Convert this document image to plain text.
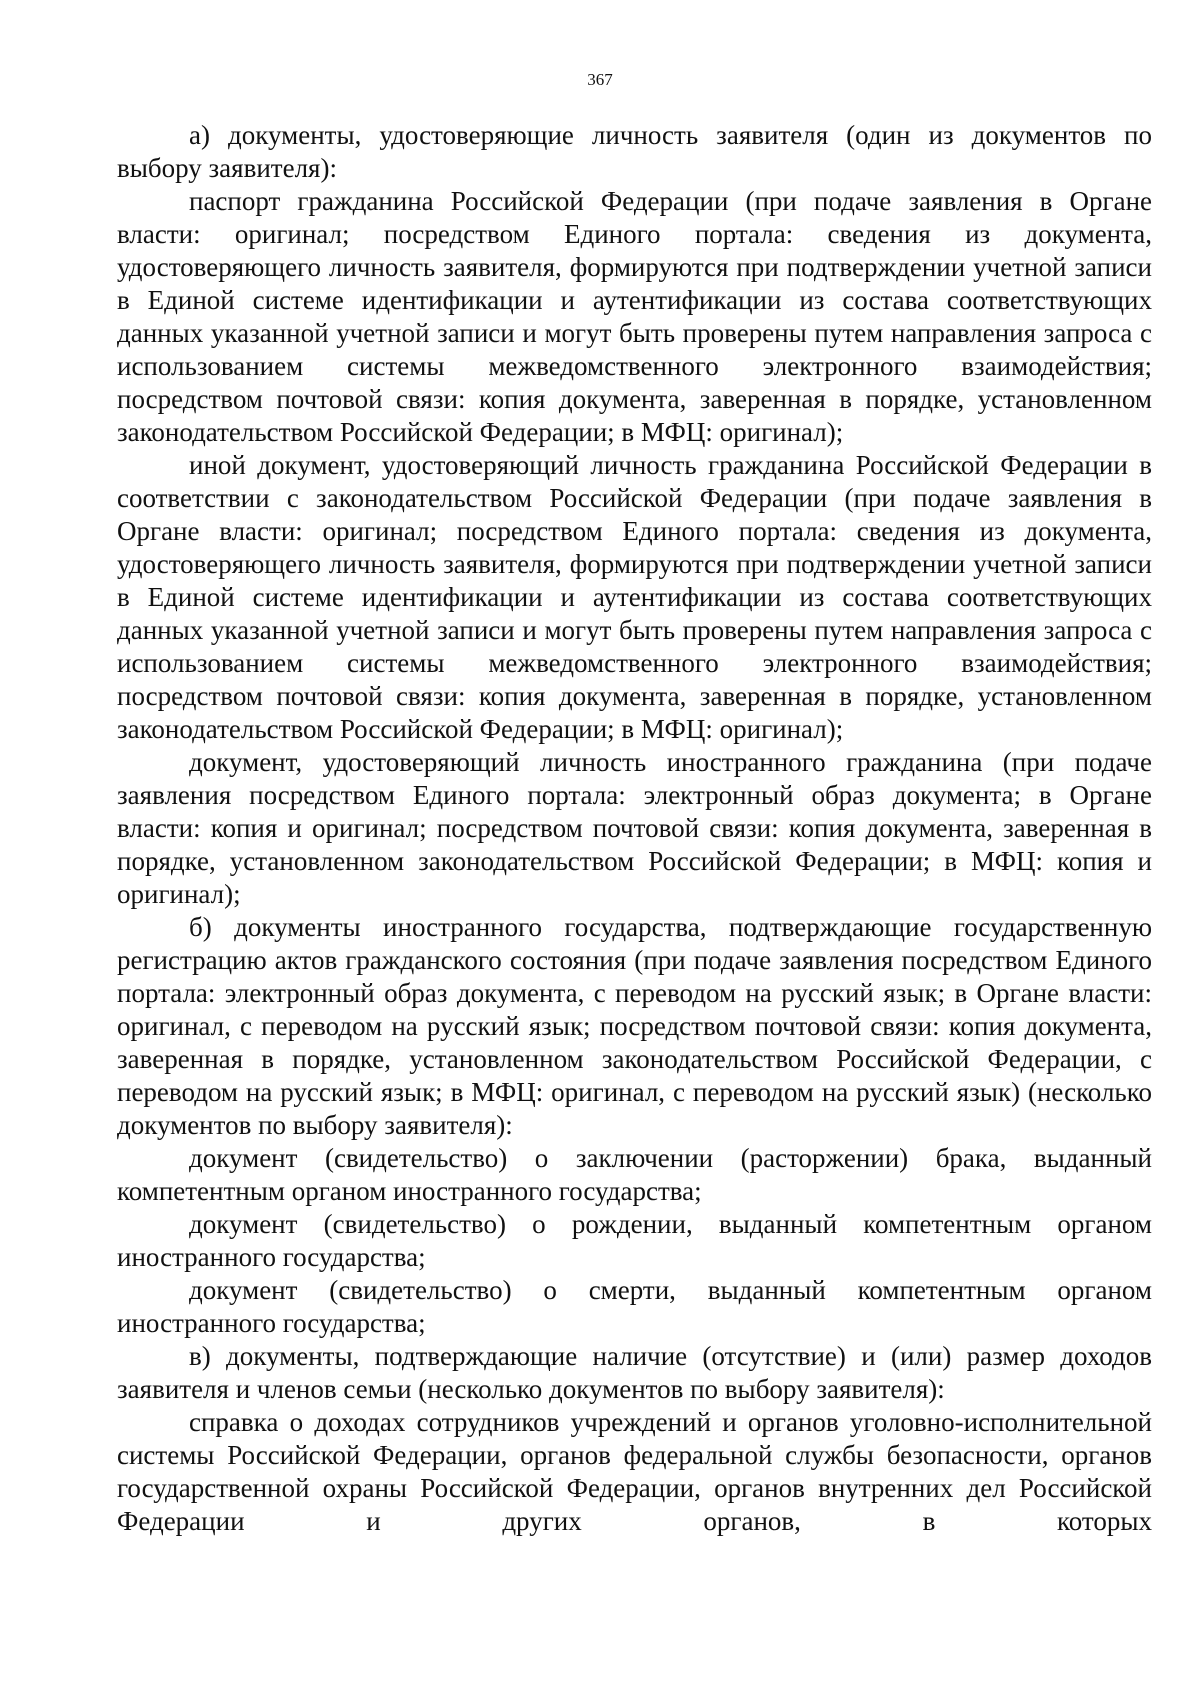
367

а) документы, удостоверяющие личность заявителя (один из документов по выбору заявителя):

паспорт гражданина Российской Федерации (при подаче заявления в Органе власти: оригинал; посредством Единого портала: сведения из документа, удостоверяющего личность заявителя, формируются при подтверждении учетной записи в Единой системе идентификации и аутентификации из состава соответствующих данных указанной учетной записи и могут быть проверены путем направления запроса с использованием системы межведомственного электронного взаимодействия; посредством почтовой связи: копия документа, заверенная в порядке, установленном законодательством Российской Федерации; в МФЦ: оригинал);

иной документ, удостоверяющий личность гражданина Российской Федерации в соответствии с законодательством Российской Федерации (при подаче заявления в Органе власти: оригинал; посредством Единого портала: сведения из документа, удостоверяющего личность заявителя, формируются при подтверждении учетной записи в Единой системе идентификации и аутентификации из состава соответствующих данных указанной учетной записи и могут быть проверены путем направления запроса с использованием системы межведомственного электронного взаимодействия; посредством почтовой связи: копия документа, заверенная в порядке, установленном законодательством Российской Федерации; в МФЦ: оригинал);

документ, удостоверяющий личность иностранного гражданина (при подаче заявления посредством Единого портала: электронный образ документа; в Органе власти: копия и оригинал; посредством почтовой связи: копия документа, заверенная в порядке, установленном законодательством Российской Федерации; в МФЦ: копия и оригинал);

б) документы иностранного государства, подтверждающие государственную регистрацию актов гражданского состояния (при подаче заявления посредством Единого портала: электронный образ документа, с переводом на русский язык; в Органе власти: оригинал, с переводом на русский язык; посредством почтовой связи: копия документа, заверенная в порядке, установленном законодательством Российской Федерации, с переводом на русский язык; в МФЦ: оригинал, с переводом на русский язык) (несколько документов по выбору заявителя):

документ (свидетельство) о заключении (расторжении) брака, выданный компетентным органом иностранного государства;

документ (свидетельство) о рождении, выданный компетентным органом иностранного государства;

документ (свидетельство) о смерти, выданный компетентным органом иностранного государства;

в) документы, подтверждающие наличие (отсутствие) и (или) размер доходов заявителя и членов семьи (несколько документов по выбору заявителя):

справка о доходах сотрудников учреждений и органов уголовно-исполнительной системы Российской Федерации, органов федеральной службы безопасности, органов государственной охраны Российской Федерации, органов внутренних дел Российской Федерации и других органов, в которых
